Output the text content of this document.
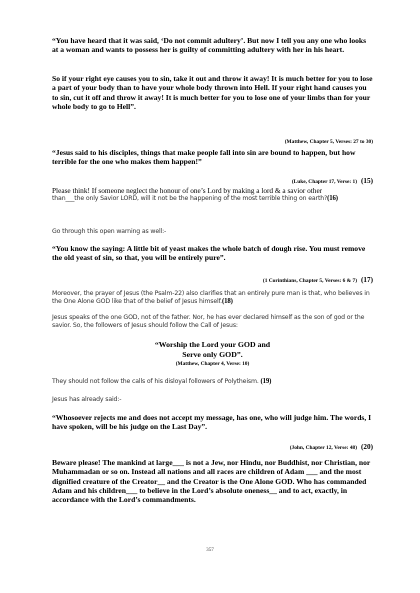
“You have heard that it was said, ‘Do not commit adultery’. But now I tell you any one who looks at a woman and wants to possess her is guilty of committing adultery with her in his heart.
So if your right eye causes you to sin, take it out and throw it away! It is much better for you to lose a part of your body than to have your whole body thrown into Hell. If your right hand causes you to sin, cut it off and throw it away! It is much better for you to lose one of your limbs than for your whole body to go to Hell”.
(Matthew, Chapter 5, Verses: 27 to 30)
“Jesus said to his disciples, things that make people fall into sin are bound to happen, but how terrible for the one who makes them happen!”
(Luke, Chapter 17, Verse: 1) (15)
Please think! If someone neglect the honour of one’s Lord by making a lord & a savior other
than___the only Savior LORD, will it not be the happening of the most terrible thing on earth?(16)
Go through this open warning as well:-
“You know the saying: A little bit of yeast makes the whole batch of dough rise. You must remove the old yeast of sin, so that, you will be entirely pure”.
(1 Corinthians, Chapter 5, Verses: 6 & 7) (17)
Moreover, the prayer of Jesus (the Psalm-22) also clarifies that an entirely pure man is that, who believes in the One Alone GOD like that of the belief of Jesus himself.(18)
Jesus speaks of the one GOD, not of the father. Nor, he has ever declared himself as the son of god or the savior. So, the followers of Jesus should follow the Call of Jesus:
“Worship the Lord your GOD and
Serve only GOD”.
(Matthew, Chapter 4, Verse: 10)
They should not follow the calls of his disloyal followers of Polytheism. (19)
Jesus has already said:-
“Whosoever rejects me and does not accept my message, has one, who will judge him. The words, I have spoken, will be his judge on the Last Day”.
(John, Chapter 12, Verse: 48) (20)
Beware please! The mankind at large___ is not a Jew, nor Hindu, nor Buddhist, nor Christian, nor Muhammadan or so on. Instead all nations and all races are children of Adam ___ and the most dignified creature of the Creator__ and the Creator is the One Alone GOD. Who has commanded Adam and his children___ to believe in the Lord’s absolute oneness__ and to act, exactly, in accordance with the Lord’s commandments.
357
